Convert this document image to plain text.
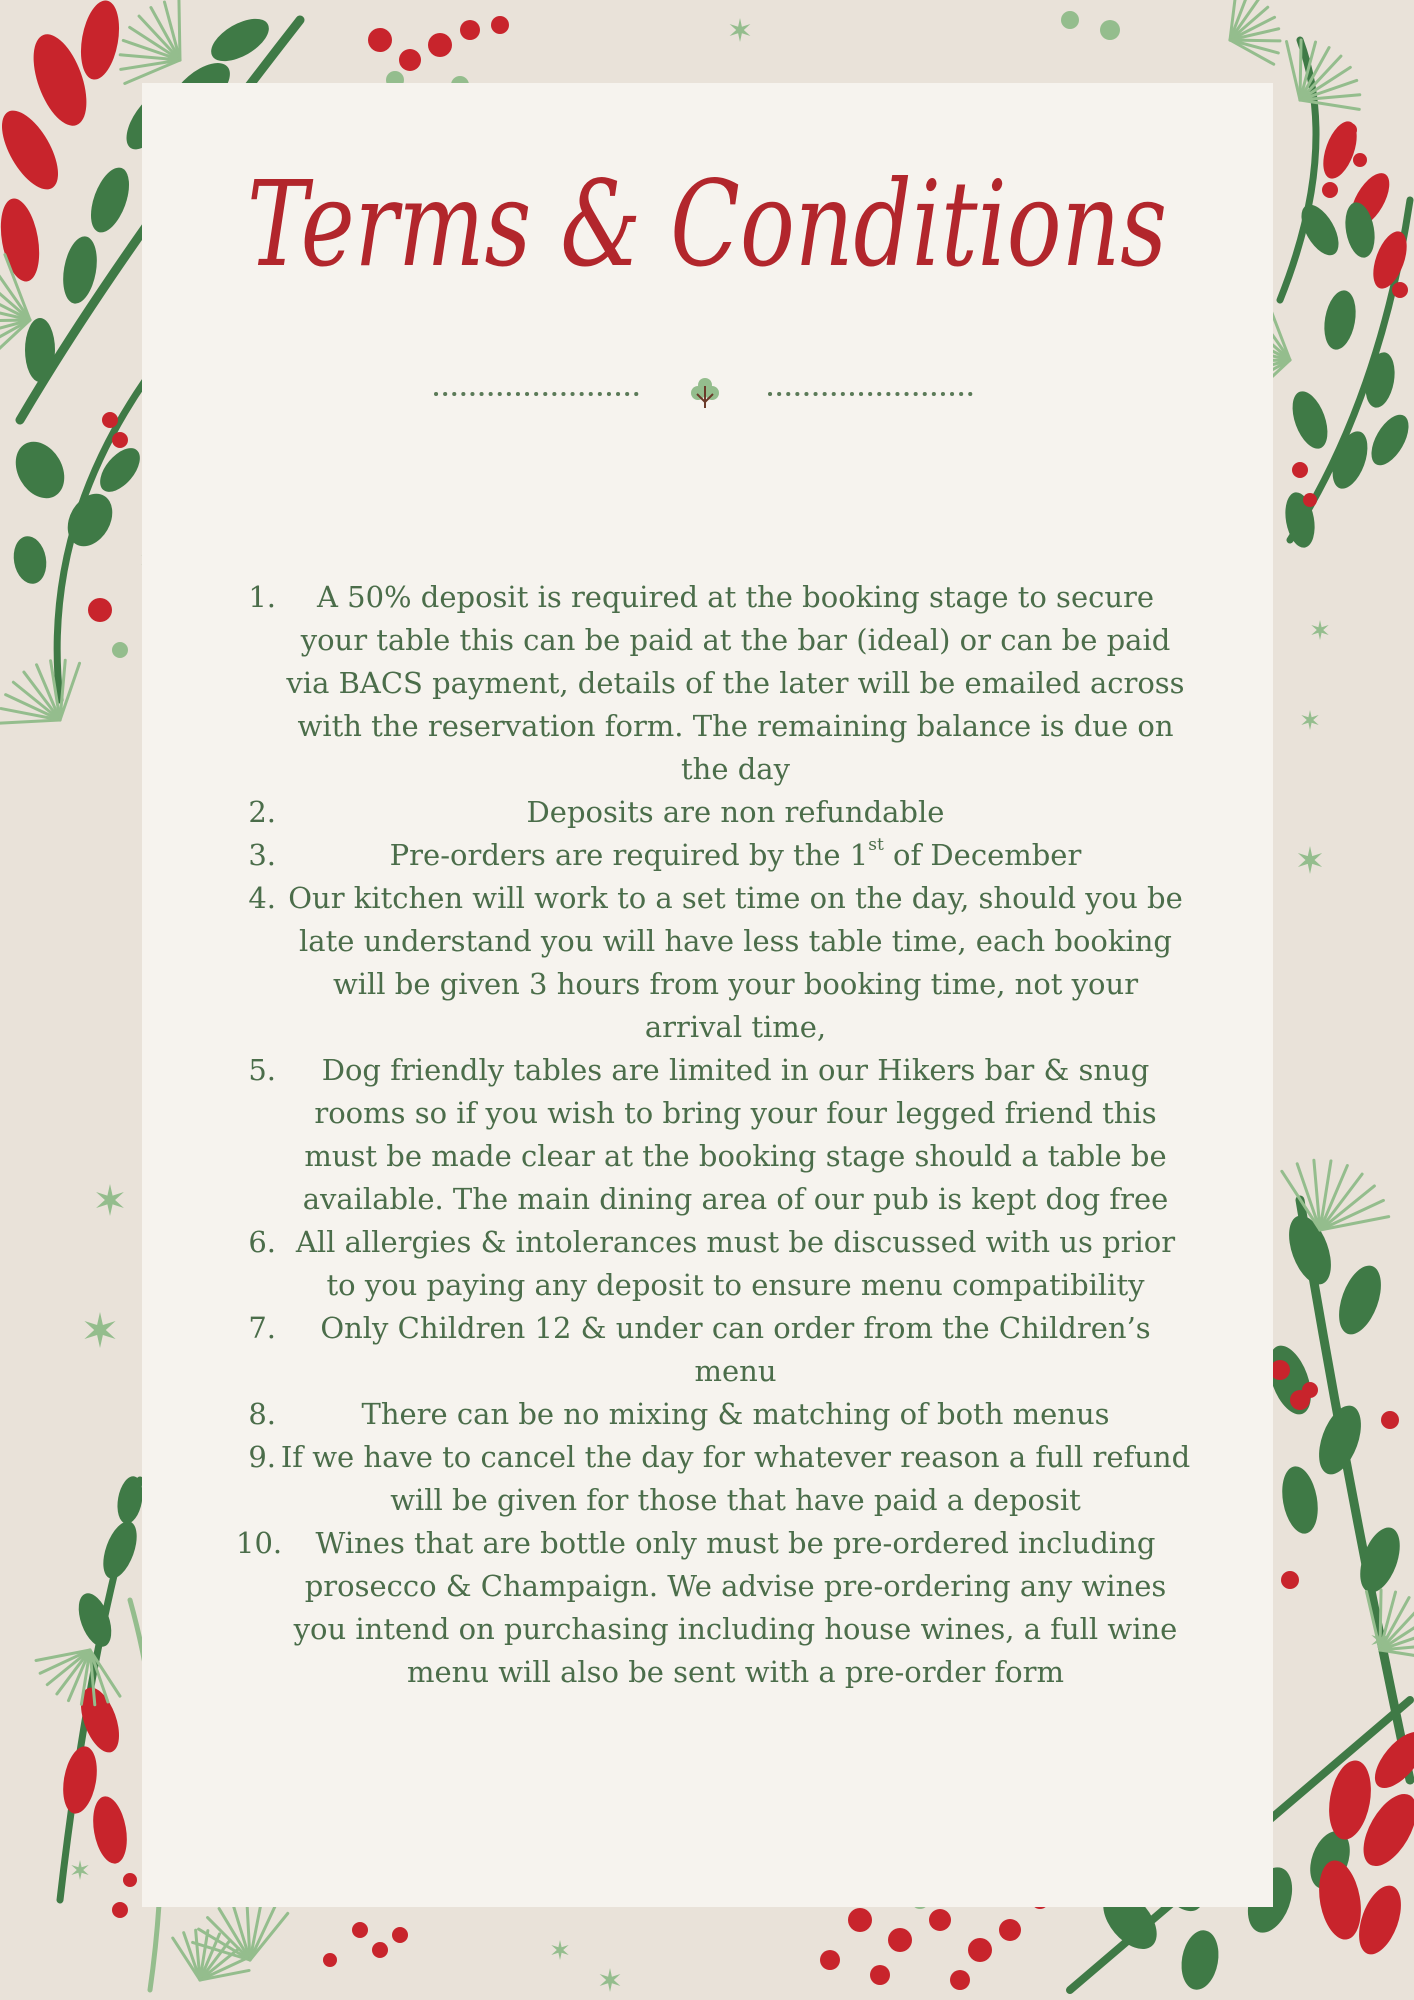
Terms & Conditions
1.	A 50% deposit is required at the booking stage to secure your table this can be paid at the bar (ideal) or can be paid via BACS payment, details of the later will be emailed across with the reservation form. The remaining balance is due on the day
2.	Deposits are non refundable
3.	Pre-orders are required by the 1st of December
4. Our kitchen will work to a set time on the day, should you be late understand you will have less table time, each booking will be given 3 hours from your booking time, not your arrival time,
5.	Dog friendly tables are limited in our Hikers bar & snug rooms so if you wish to bring your four legged friend this must be made clear at the booking stage should a table be available. The main dining area of our pub is kept dog free
6. All allergies & intolerances must be discussed with us prior to you paying any deposit to ensure menu compatibility
7.	Only Children 12 & under can order from the Children’s menu
8.	There can be no mixing & matching of both menus
9. If we have to cancel the day for whatever reason a full refund will be given for those that have paid a deposit
10.	Wines that are bottle only must be pre-ordered including prosecco & Champaign. We advise pre-ordering any wines you intend on purchasing including house wines, a full wine menu will also be sent with a pre-order form
